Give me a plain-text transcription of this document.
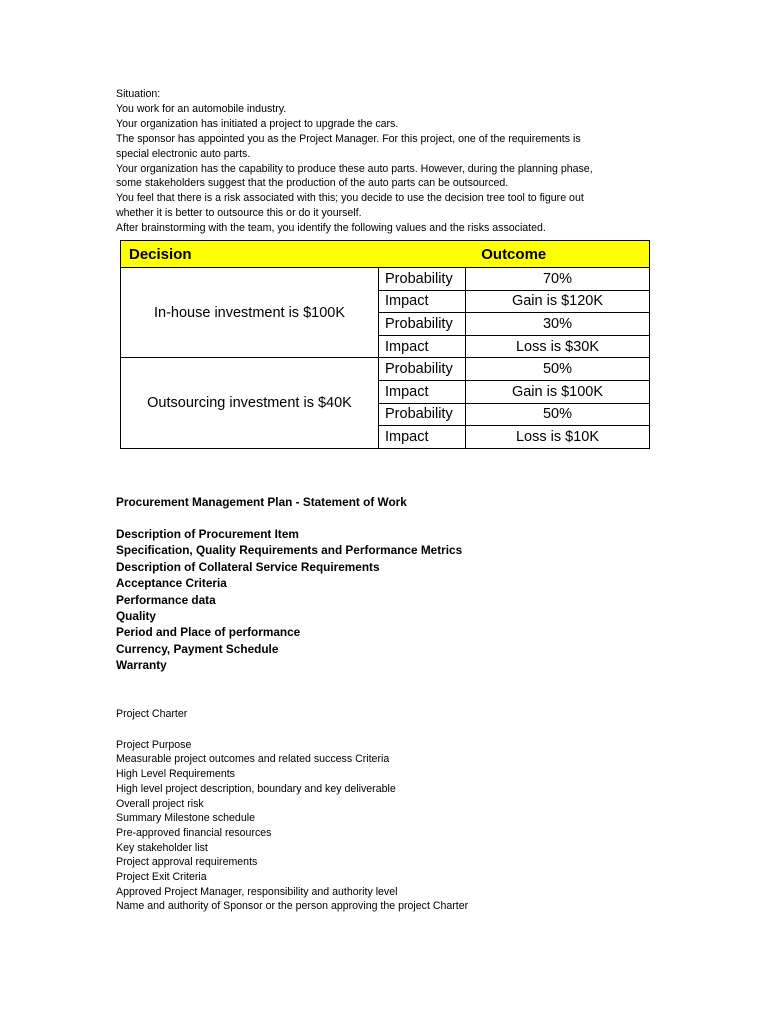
Situation:
You work for an automobile industry.
Your organization has initiated a project to upgrade the cars.
The sponsor has appointed you as the Project Manager. For this project, one of the requirements is
special electronic auto parts.
Your organization has the capability to produce these auto parts. However, during the planning phase,
some stakeholders suggest that the production of the auto parts can be outsourced.
You feel that there is a risk associated with this; you decide to use the decision tree tool to figure out
whether it is better to outsource this or do it yourself.
After brainstorming with the team, you identify the following values and the risks associated.
Decision	Outcome	
In-house investment is $100K	Probability	70%
	Impact	Gain is $120K
	Probability	30%
	Impact	Loss is $30K
Outsourcing investment is $40K	Probability	50%
	Impact	Gain is $100K
	Probability	50%
	Impact	Loss is $10K
Procurement Management Plan - Statement of Work
Description of Procurement Item
Specification, Quality Requirements and Performance Metrics
Description of Collateral Service Requirements
Acceptance Criteria
Performance data
Quality
Period and Place of performance
Currency, Payment Schedule
Warranty
Project Charter
Project Purpose
Measurable project outcomes and related success Criteria
High Level Requirements
High level project description, boundary and key deliverable
Overall project risk
Summary Milestone schedule
Pre-approved financial resources
Key stakeholder list
Project approval requirements
Project Exit Criteria
Approved Project Manager, responsibility and authority level
Name and authority of Sponsor or the person approving the project Charter
